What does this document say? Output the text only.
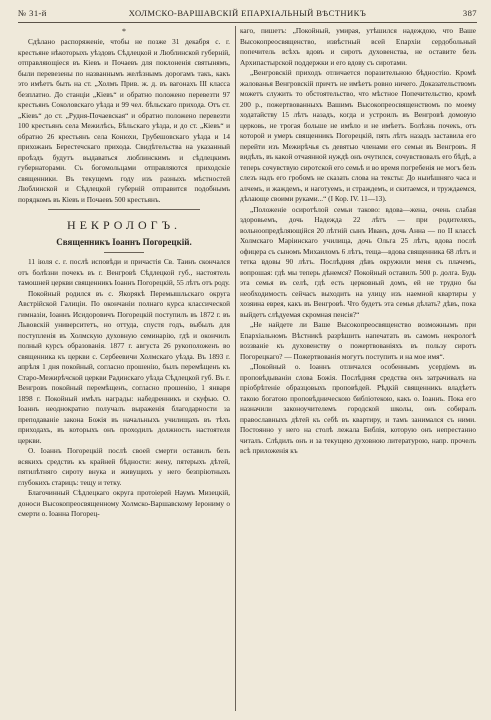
№ 31-й	ХОЛМСКО-ВАРШАВСКІЙ ЕПАРХІАЛЬНЫЙ ВѢСТНИКЪ	387

*

Сдѣлано распоряженіе, чтобы не позже 31 декабря с. г. крестьяне нѣкоторыхъ уѣздовъ Сѣдлецкой и Люблинской губерній, отправляющіеся въ Кіевъ и Почаевъ для поклоненія святынямъ, были перевезены по названнымъ желѣзнымъ дорогамъ такъ, какъ это имѣетъ быть на ст. „Холмъ Прив. ж. д. въ вагонахъ III класса безплатно. До станціи „Кіевъ“ и обратно положено перевезти 97 крестьянъ Соколовскаго уѣзда и 99 чел. бѣльскаго прихода. Отъ ст. „Кіевъ“ до ст. „Рудня-Почаевская“ и обратно положено перевезти 100 крестьянъ села Межилѣсь, Бѣльскаго уѣзда, и до ст. „Кіевъ“ и обратно 26 крестьянъ села Конюхи, Грубешовскаго уѣзда и 14 прихожанъ Берестечскаго прихода. Свидѣтельства на указанный проѣздъ будутъ выдаваться люблинскимъ и сѣдлецкимъ губернаторами. Съ богомольцами отправляются приходскіе священники. Въ текущемъ году изъ разныхъ мѣстностей Люблинской и Сѣдлецкой губерній отправится подобнымъ порядкомъ въ Кіевъ и Почаевъ 500 крестьянъ.

НЕКРОЛОГЪ.
Священникъ Іоаннъ Погорецкій.

11 іюля с. г. послѣ исповѣди и причастія Св. Таинъ скончался отъ болѣзни почекъ въ г. Венгровѣ Сѣдлецкой губ., настоятель тамошней церкви священникъ Іоаннъ Погорецкій, 55 лѣтъ отъ роду.

Покойный родился въ с. Якорякѣ Перемышльскаго округа Австрійской Галиціи. По окончаніи полнаго курса классической гимназіи, Іоаннъ Исидоровичъ Погорецкій поступилъ въ 1872 г. въ Львовскій университетъ, но оттуда, спустя годъ, выбылъ для поступленія въ Холмскую духовную семинарію, гдѣ и окончилъ полный курсъ образованія. 1877 г. августа 26 рукоположенъ во священника къ церкви с. Сербеевичи Холмскаго уѣзда. Въ 1893 г. апрѣля 1 дня покойный, согласно прошенію, былъ перемѣщенъ къ Старо-Межирѣчской церкви Радинскаго уѣзда Сѣдлецкой губ. Въ г. Венгровъ покойный перемѣщенъ, согласно прошенію, 1 января 1898 г. Покойный имѣлъ награды: набедренникъ и скуфью. О. Іоаннъ неоднократно получалъ выраженія благодарности за преподаваніе закона Божія въ начальныхъ училищахъ въ тѣхъ приходахъ, въ которыхъ онъ проходилъ должность настоятеля церкви.

О. Іоаннъ Погорецкій послѣ своей смерти оставилъ безъ всякихъ средствъ къ крайней бѣдности: жену, пятерыхъ дѣтей, пятилѣтняго сироту внука и живущихъ у него безпріютныхъ глубокихъ старицъ: тещу и тетку.

Благочинный Сѣдлецкаго округа протоіерей Наумъ Мизецкій, доноси Высокопреосвященному Холмско-Варшавскому Іерониму о смерти о. Іоанна Погорец-

каго, пишетъ: „Покойный, умирая, утѣшился надеждою, что Ваше Высокопреосвященство, извѣстный всей Епархіи сердобольный попечитель всѣхъ вдовъ и сиротъ духовенства, не оставите безъ Архипастырской поддержки и его вдову съ сиротами.

„Венгровскій приходъ отличается поразительною бѣдностію. Кромѣ жалованья Венгровскій причтъ не имѣетъ ровно ничего. Доказательствомъ можетъ служить то обстоятельство, что мѣстное Попечительство, кромѣ 200 р., пожертвованныхъ Вашимъ Высокопреосвященствомъ по моему ходатайству 15 лѣтъ назадъ, когда и устроилъ въ Венгровѣ домовую церковь, не трогая больше не имѣло и не имѣетъ. Болѣзнь почекъ, отъ которой и умеръ священникъ Погорецкій, пять лѣтъ назадъ заставила его перейти изъ Межирѣчья съ девятью членами его семьи въ Венгровъ. Я видѣлъ, въ какой отчаянной нуждѣ онъ очутился, сочувствовалъ его бѣдѣ, а теперь сочувствую сиротской его семьѣ и во время погребенія не могъ безъ слезъ надъ его гробомъ не сказать слова на тексты: До нынѣшняго часа и алчемъ, и жаждемъ, и наготуемъ, и страждемъ, и скитаемся, и труждаемся, дѣлающе своими руками...“ (I Кор. IV. 11—13).

„Положеніе осиротѣлой семьи таково: вдова—жена, очень слабая здоровьемъ, дочь Надежда 22 лѣтъ — при родителяхъ, вольноопредѣляющійся 20 лѣтній сынъ Иванъ, дочь Анна — по II классѣ Холмскаго Маріинскаго училища, дочь Ольга 25 лѣтъ, вдова послѣ офицера съ сыномъ Михаиломъ 6 лѣтъ, теща—вдова священника 68 лѣтъ и тетка вдовы 90 лѣтъ. Послѣдняя дѣвъ окружили меня съ плачемъ, вопрошая: гдѣ мы теперь дѣнемся? Покойный оставилъ 500 р. долга. Будь эта семья въ селѣ, гдѣ есть церковный домъ, ей не трудно бы необходимость сейчасъ выходить на улицу изъ наемной квартиры у хозяина еврея, какъ въ Венгровѣ. Что будетъ эта семья дѣлать? дѣвъ, пока выйдетъ слѣдуемая скромная пенсія?“

„Не найдете ли Ваше Высокопреосвященство возможнымъ при Епархіальномъ Вѣстникѣ разрѣшить напечатать въ самомъ некрологѣ воззваніе къ духовенству о пожертвованіяхъ въ пользу сиротъ Погорецкаго? — Пожертвованія могутъ поступить и на мое имя“.

„Покойный о. Іоаннъ отличался особеннымъ усердіемъ въ проповѣдываніи слова Божія. Послѣдняя средства онъ затрачивалъ на пріобрѣтеніе образцовыхъ проповѣдей. Рѣдкій священникъ владѣетъ такою богатою проповѣдническою библіотекою, какъ о. Іоаннъ. Пока его назначили законоучителемъ городской школы, онъ собиралъ православныхъ дѣтей къ себѣ въ квартиру, и тамъ занимался съ ними. Постоянно у него на столѣ лежала Библія, которую онъ непрестанно читалъ. Слѣдилъ онъ и за текущею духовною литературою, напр. прочелъ всѣ приложенія къ
